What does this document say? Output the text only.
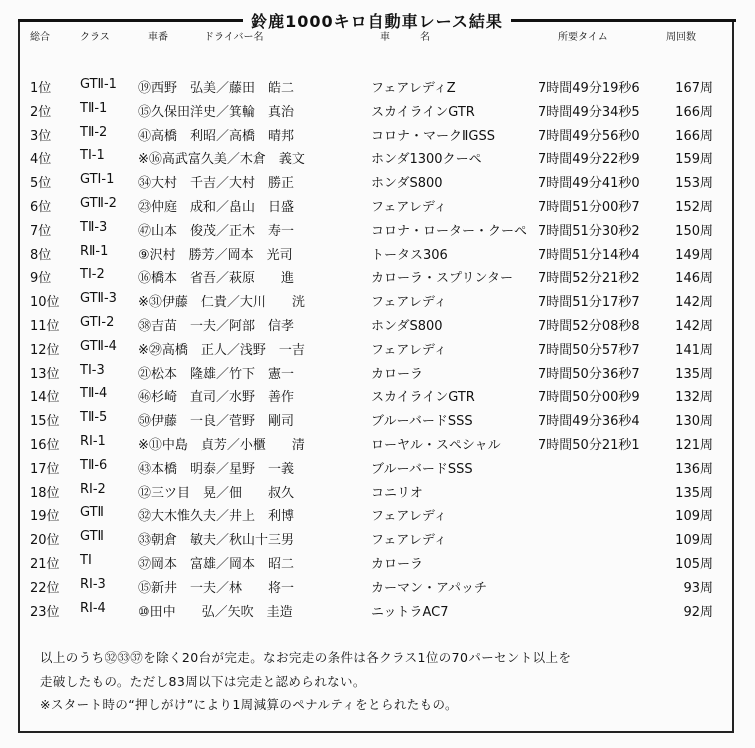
鈴鹿1000キロ自動車レース結果
総合	クラス	車番	ドライバー名	車　　　名	所要タイム	周回数
1位	GTⅡ-1	⑲西野　弘美／藤田　皓二	フェアレディZ	7時間49分19秒6	167周
2位	TⅡ-1	⑮久保田洋史／箕輪　真治	スカイラインGTR	7時間49分34秒5	166周
3位	TⅡ-2	㊶高橋　利昭／高橋　晴邦	コロナ・マークⅡGSS	7時間49分56秒0	166周
4位	TⅠ-1	※⑯高武富久美／木倉　義文	ホンダ1300クーペ	7時間49分22秒9	159周
5位	GTⅠ-1	㉞大村　千吉／大村　勝正	ホンダS800	7時間49分41秒0	153周
6位	GTⅡ-2	㉓仲庭　成和／畠山　日盛	フェアレディ	7時間51分00秒7	152周
7位	TⅡ-3	㊼山本　俊茂／正木　寿一	コロナ・ローター・クーペ 7時間51分30秒2	150周
8位	RⅡ-1	⑨沢村　勝芳／岡本　光司	トータス306	7時間51分14秒4	149周
9位	TⅠ-2	⑯橋本　省吾／萩原　　進	カローラ・スプリンター 7時間52分21秒2	146周
10位	GTⅡ-3	※㉛伊藤　仁貴／大川　　洸	フェアレディ	7時間51分17秒7	142周
11位	GTⅠ-2	㊳吉苗　一夫／阿部　信孝	ホンダS800	7時間52分08秒8	142周
12位	GTⅡ-4	※㉙高橋　正人／浅野　一吉	フェアレディ	7時間50分57秒7	141周
13位	TⅠ-3	㉑松本　隆雄／竹下　憲一	カローラ	7時間50分36秒7	135周
14位	TⅡ-4	㊻杉崎　直司／水野　善作	スカイラインGTR	7時間50分00秒9	132周
15位	TⅡ-5	㊿伊藤　一良／菅野　剛司	ブルーバードSSS	7時間49分36秒4	130周
16位	RⅠ-1	※⑪中島　貞芳／小櫃　　清	ローヤル・スペシャル	7時間50分21秒1	121周
17位	TⅡ-6	㊸本橋　明泰／星野　一義	ブルーバードSSS	136周
18位	RⅠ-2	⑫三ツ目　晃／佃　　叔久	コニリオ	135周
19位	GTⅡ	㉜大木惟久夫／井上　利博	フェアレディ	109周
20位	GTⅡ	㉝朝倉　敏夫／秋山十三男	フェアレディ	109周
21位	TⅠ	㊲岡本　富雄／岡本　昭二	カローラ	105周
22位	RⅠ-3	⑮新井　一夫／林　　将一	カーマン・アパッチ	93周
23位	RⅠ-4	⑩田中　　弘／矢吹　圭造	ニットラAC7	92周
以上のうち㉜㉝㊲を除く20台が完走。なお完走の条件は各クラス1位の70パーセント以上を
走破したもの。ただし83周以下は完走と認められない。
※スタート時の“押しがけ”により1周減算のペナルティをとられたもの。
